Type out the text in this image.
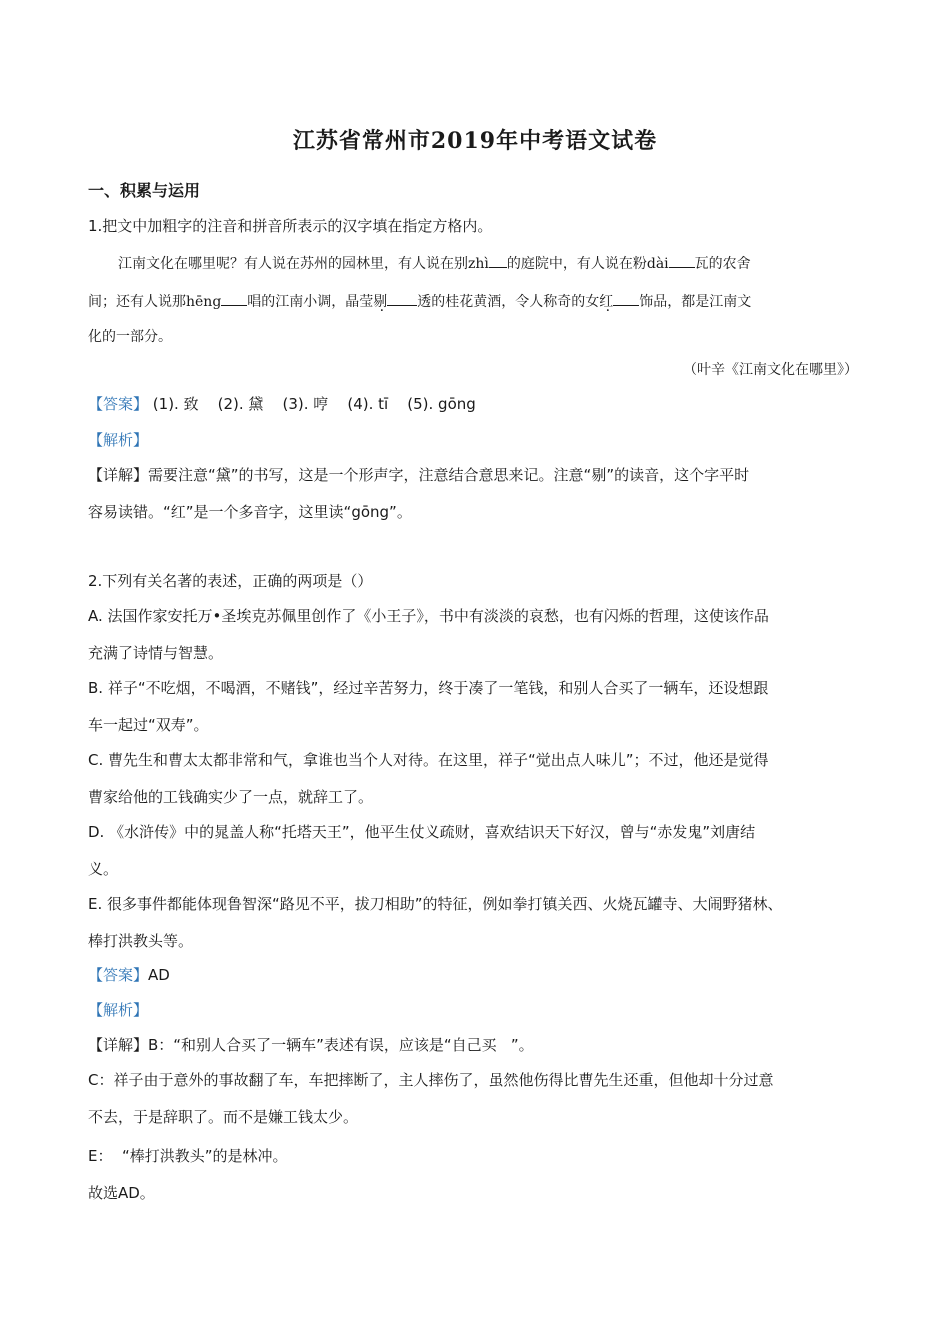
江苏省常州市2019年中考语文试卷
一、积累与运用
1.把文中加粗字的注音和拼音所表示的汉字填在指定方格内。
江南文化在哪里呢？有人说在苏州的园林里，有人说在别zhì 的庭院中，有人说在粉dài 瓦的农舍
间；还有人说那hēng 唱的江南小调，晶莹剔 透的桂花黄酒，令人称奇的女红 饰品，都是江南文
化的一部分。
（叶辛《江南文化在哪里》）
【答案】 (1). 致    (2). 黛    (3). 哼    (4). tī    (5). gōng
【解析】
【详解】需要注意“黛”的书写，这是一个形声字，注意结合意思来记。注意“剔”的读音，这个字平时
容易读错。“红”是一个多音字，这里读“gōng”。
2.下列有关名著的表述，正确的两项是（）
A. 法国作家安托万•圣埃克苏佩里创作了《小王子》，书中有淡淡的哀愁，也有闪烁的哲理，这使该作品
充满了诗情与智慧。
B. 祥子“不吃烟，不喝酒，不赌钱”，经过辛苦努力，终于凑了一笔钱，和别人合买了一辆车，还设想跟
车一起过“双寿”。
C. 曹先生和曹太太都非常和气，拿谁也当个人对待。在这里，祥子“觉出点人味儿”；不过，他还是觉得
曹家给他的工钱确实少了一点，就辞工了。
D. 《水浒传》中的晁盖人称“托塔天王”，他平生仗义疏财，喜欢结识天下好汉，曾与“赤发鬼”刘唐结
义。
E. 很多事件都能体现鲁智深“路见不平，拔刀相助”的特征，例如拳打镇关西、火烧瓦罐寺、大闹野猪林、
棒打洪教头等。
【答案】AD
【解析】
【详解】B：“和别人合买了一辆车”表述有误，应该是“自己买   ”。
C：祥子由于意外的事故翻了车，车把摔断了，主人摔伤了，虽然他伤得比曹先生还重，但他却十分过意
不去，于是辞职了。而不是嫌工钱太少。
E：  “棒打洪教头”的是林冲。
故选AD。
